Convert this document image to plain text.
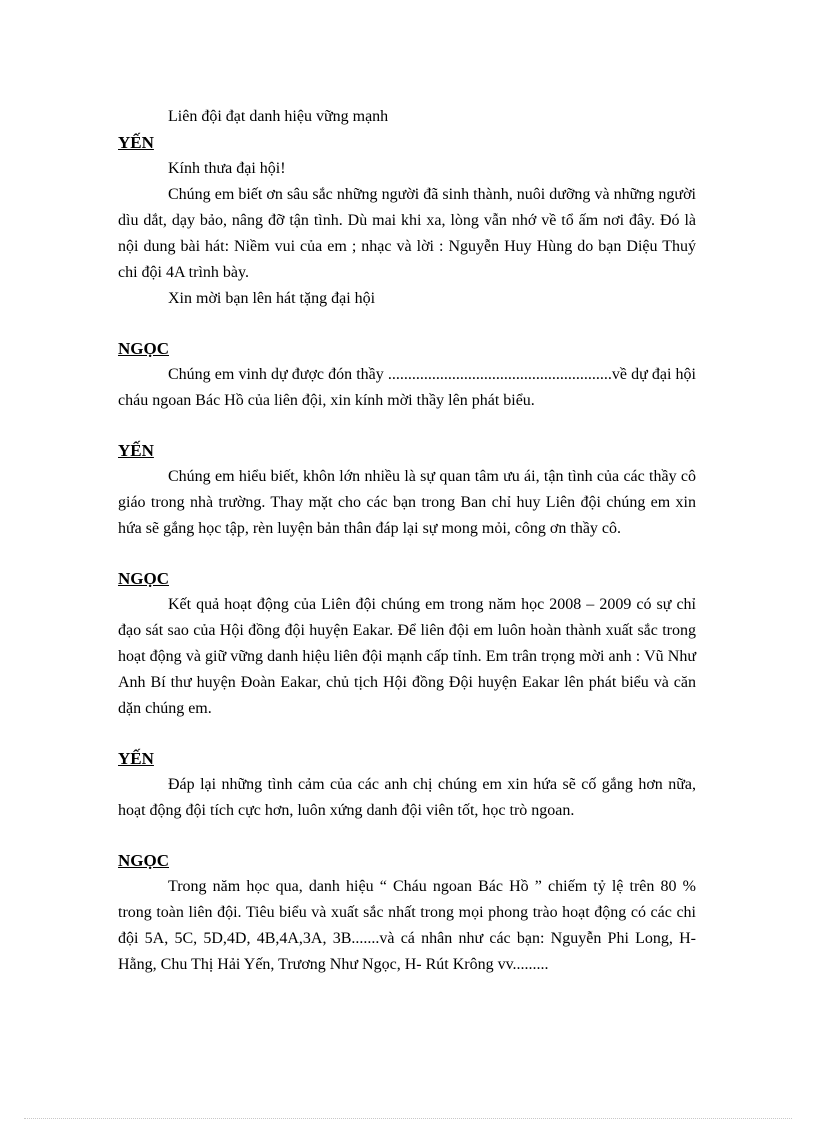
Liên đội đạt danh hiệu vững mạnh

YẾN

Kính thưa đại hội!

Chúng em biết ơn sâu sắc những người đã sinh thành, nuôi dưỡng và những người dìu dắt, dạy bảo, nâng đỡ tận tình. Dù mai khi xa, lòng vẫn nhớ về tổ ấm nơi đây. Đó là nội dung bài hát: Niềm vui của em ; nhạc và lời : Nguyễn Huy Hùng do bạn Diệu Thuý chi đội 4A trình bày.

Xin mời bạn lên hát tặng đại hội

NGỌC

Chúng em vinh dự được đón thầy ........................................................về dự đại hội cháu ngoan Bác Hồ của liên đội, xin kính mời thầy lên phát biểu.

YẾN

Chúng em hiểu biết, khôn lớn nhiều là sự quan tâm ưu ái, tận tình của các thầy cô giáo trong nhà trường. Thay mặt cho các bạn trong Ban chỉ huy Liên đội chúng em xin hứa sẽ gắng học tập, rèn luyện bản thân đáp lại sự mong mỏi, công ơn thầy cô.

NGỌC

Kết quả hoạt động của Liên đội chúng em trong năm học 2008 – 2009 có sự chỉ đạo sát sao của Hội đồng đội huyện Eakar. Để liên đội em luôn hoàn thành xuất sắc trong hoạt động và giữ vững danh hiệu liên đội mạnh cấp tỉnh. Em trân trọng mời anh : Vũ Như Anh Bí thư huyện Đoàn Eakar, chủ tịch Hội đồng Đội huyện Eakar lên phát biểu và căn dặn chúng em.

YẾN

Đáp lại những tình cảm của các anh chị chúng em xin hứa sẽ cố gắng hơn nữa, hoạt động đội tích cực hơn, luôn xứng danh đội viên tốt, học trò ngoan.

NGỌC

Trong năm học qua, danh hiệu “ Cháu ngoan Bác Hồ ” chiếm tỷ lệ trên 80 % trong toàn liên đội. Tiêu biểu và xuất sắc nhất trong mọi phong trào hoạt động có các chi đội 5A, 5C, 5D,4D, 4B,4A,3A, 3B.......và cá nhân như các bạn: Nguyễn Phi Long, H- Hằng, Chu Thị Hải Yến, Trương Như Ngọc, H- Rút Krông vv.........
